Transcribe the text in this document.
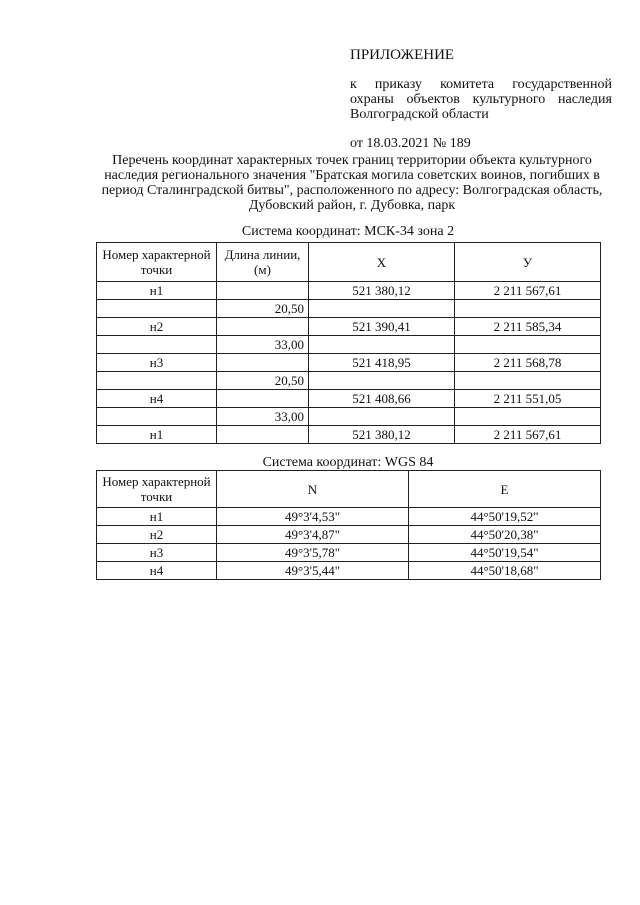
ПРИЛОЖЕНИЕ
к приказу комитета государственной охраны объектов культурного наследия Волгоградской области
от 18.03.2021 № 189
Перечень координат характерных точек границ территории объекта культурного наследия регионального значения "Братская могила советских воинов, погибших в период Сталинградской битвы", расположенного по адресу: Волгоградская область, Дубовский район, г. Дубовка, парк
Система координат: МСК-34 зона 2
Номер характерной точки	Длина линии, (м)	X	У
н1		521 380,12	2 211 567,61
	20,50		
н2		521 390,41	2 211 585,34
	33,00		
н3		521 418,95	2 211 568,78
	20,50		
н4		521 408,66	2 211 551,05
	33,00		
н1		521 380,12	2 211 567,61
Система координат: WGS 84
Номер характерной точки	N	E
н1	49°3'4,53"	44°50'19,52"
н2	49°3'4,87"	44°50'20,38"
н3	49°3'5,78"	44°50'19,54"
н4	49°3'5,44"	44°50'18,68"
